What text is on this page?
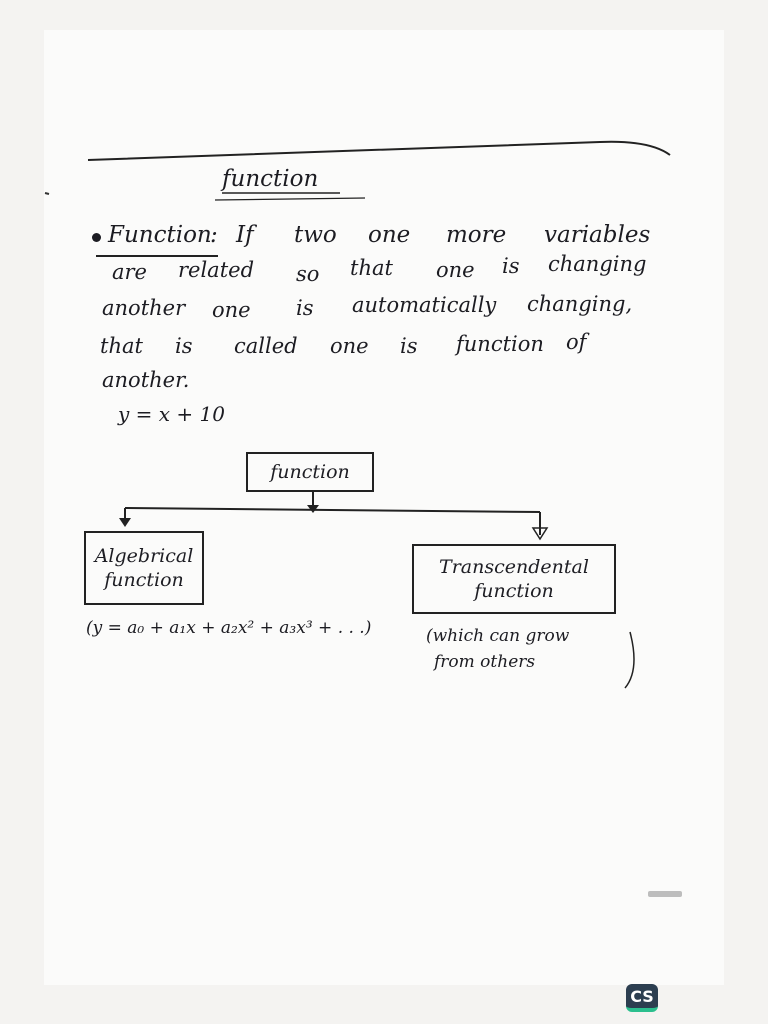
function
Function
: If two one more variables
are related so that one is changing
another one is automatically changing,
that is called one is function of
another.
y = x + 10
function
Algebrical
function
Transcendental
function
(y = a₀ + a₁x + a₂x² + a₃x³ + . . .)	(which can grow
from others
CS
